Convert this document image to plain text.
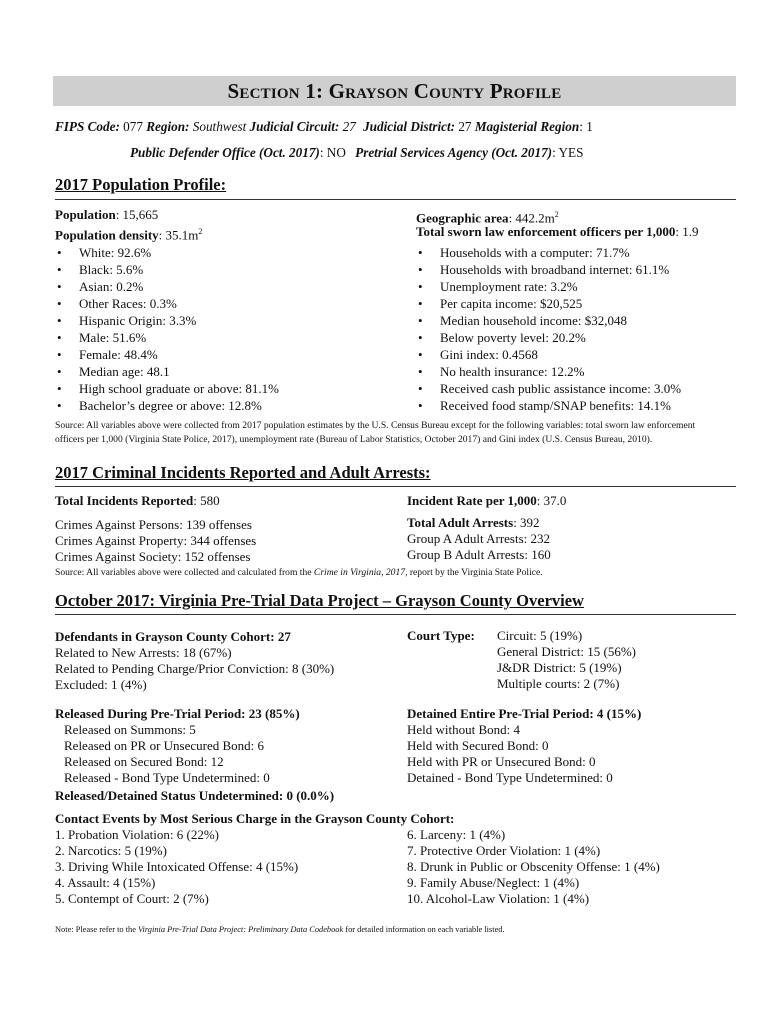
Section 1: Grayson County Profile
FIPS Code: 077 Region: Southwest Judicial Circuit: 27 Judicial District: 27 Magisterial Region: 1
Public Defender Office (Oct. 2017): NO Pretrial Services Agency (Oct. 2017): YES
2017 Population Profile:
Population: 15,665
Population density: $35.1m^2$
Geographic area: $442.2m^2$
Total sworn law enforcement officers per 1,000: 1.9
• White: 92.6%
• Black: 5.6%
• Asian: 0.2%
• Other Races: 0.3%
• Hispanic Origin: 3.3%
• Male: 51.6%
• Female: 48.4%
• Median age: 48.1
• High school graduate or above: 81.1%
• Bachelor’s degree or above: 12.8%
• Households with a computer: 71.7%
• Households with broadband internet: 61.1%
• Unemployment rate: 3.2%
• Per capita income: $20,525
• Median household income: $32,048
• Below poverty level: 20.2%
• Gini index: 0.4568
• No health insurance: 12.2%
• Received cash public assistance income: 3.0%
• Received food stamp/SNAP benefits: 14.1%
Source: All variables above were collected from 2017 population estimates by the U.S. Census Bureau except for the following variables: total sworn law enforcement
officers per 1,000 (Virginia State Police, 2017), unemployment rate (Bureau of Labor Statistics, October 2017) and Gini index (U.S. Census Bureau, 2010).
2017 Criminal Incidents Reported and Adult Arrests:
Total Incidents Reported: 580	Incident Rate per 1,000: 37.0
Crimes Against Persons: 139 offenses
Crimes Against Property: 344 offenses
Crimes Against Society: 152 offenses
Total Adult Arrests: 392
Group A Adult Arrests: 232
Group B Adult Arrests: 160
Source: All variables above were collected and calculated from the Crime in Virginia, 2017, report by the Virginia State Police.
October 2017: Virginia Pre-Trial Data Project – Grayson County Overview
Defendants in Grayson County Cohort: 27
Related to New Arrests: 18 (67%)
Related to Pending Charge/Prior Conviction: 8 (30%)
Excluded: 1 (4%)
Court Type: Circuit: 5 (19%)
General District: 15 (56%)
J&DR District: 5 (19%)
Multiple courts: 2 (7%)
Released During Pre-Trial Period: 23 (85%)
Released on Summons: 5
Released on PR or Unsecured Bond: 6
Released on Secured Bond: 12
Released - Bond Type Undetermined: 0
Released/Detained Status Undetermined: 0 (0.0%)
Detained Entire Pre-Trial Period: 4 (15%)
Held without Bond: 4
Held with Secured Bond: 0
Held with PR or Unsecured Bond: 0
Detained - Bond Type Undetermined: 0
Contact Events by Most Serious Charge in the Grayson County Cohort:
1. Probation Violation: 6 (22%)
2. Narcotics: 5 (19%)
3. Driving While Intoxicated Offense: 4 (15%)
4. Assault: 4 (15%)
5. Contempt of Court: 2 (7%)
6. Larceny: 1 (4%)
7. Protective Order Violation: 1 (4%)
8. Drunk in Public or Obscenity Offense: 1 (4%)
9. Family Abuse/Neglect: 1 (4%)
10. Alcohol-Law Violation: 1 (4%)
Note: Please refer to the Virginia Pre-Trial Data Project: Preliminary Data Codebook for detailed information on each variable listed.
